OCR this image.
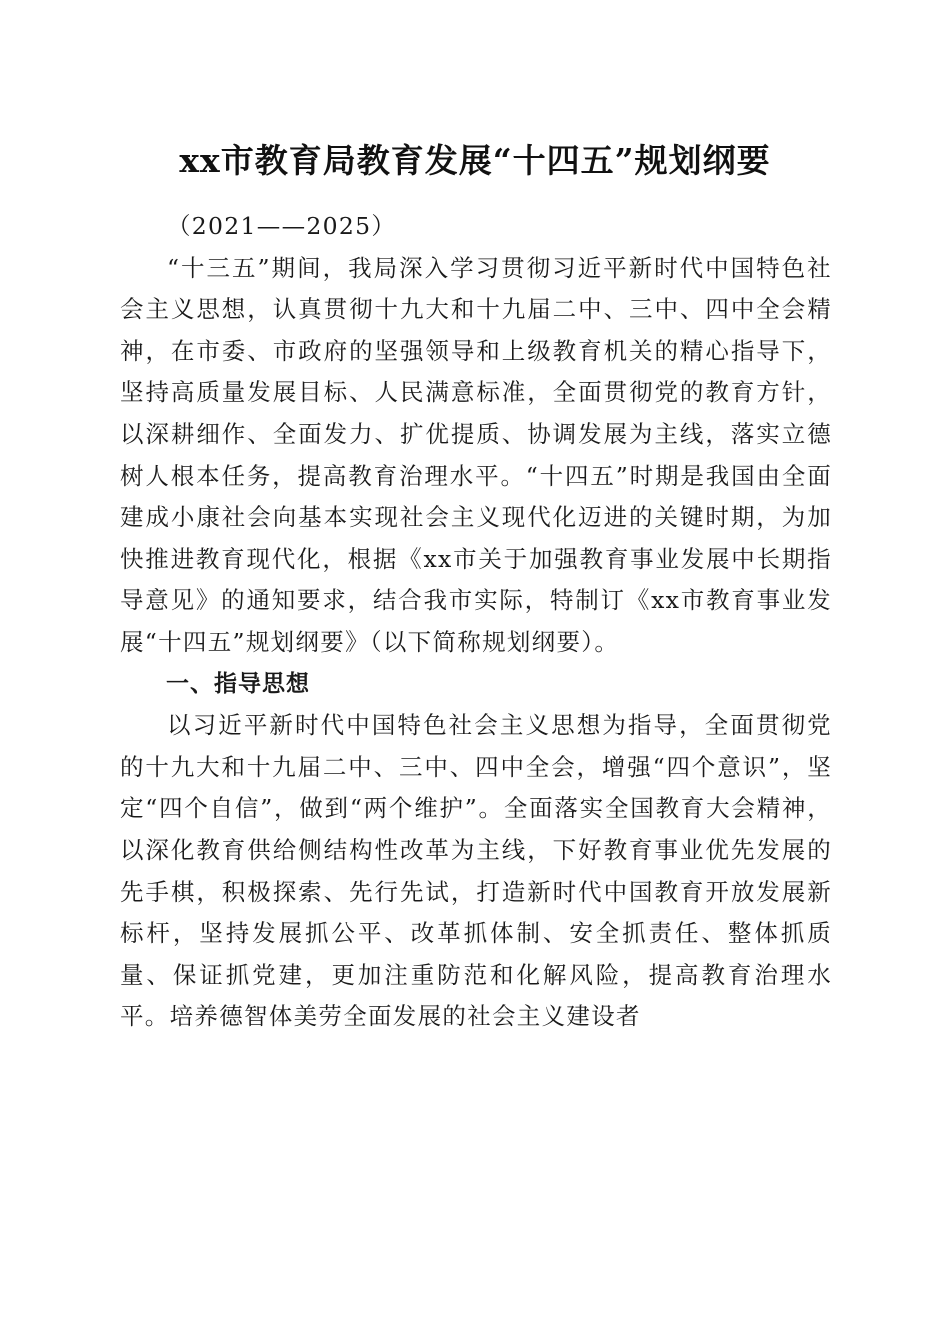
xx市教育局教育发展“十四五”规划纲要

（2021——2025）

“十三五”期间，我局深入学习贯彻习近平新时代中国特色社会主义思想，认真贯彻十九大和十九届二中、三中、四中全会精神，在市委、市政府的坚强领导和上级教育机关的精心指导下，坚持高质量发展目标、人民满意标准，全面贯彻党的教育方针，以深耕细作、全面发力、扩优提质、协调发展为主线，落实立德树人根本任务，提高教育治理水平。“十四五”时期是我国由全面建成小康社会向基本实现社会主义现代化迈进的关键时期，为加快推进教育现代化，根据《xx市关于加强教育事业发展中长期指导意见》的通知要求，结合我市实际，特制订《xx市教育事业发展“十四五”规划纲要》（以下简称规划纲要）。

一、指导思想

以习近平新时代中国特色社会主义思想为指导，全面贯彻党的十九大和十九届二中、三中、四中全会，增强“四个意识”，坚定“四个自信”，做到“两个维护”。全面落实全国教育大会精神，以深化教育供给侧结构性改革为主线，下好教育事业优先发展的先手棋，积极探索、先行先试，打造新时代中国教育开放发展新标杆，坚持发展抓公平、改革抓体制、安全抓责任、整体抓质量、保证抓党建，更加注重防范和化解风险，提高教育治理水平。培养德智体美劳全面发展的社会主义建设者
